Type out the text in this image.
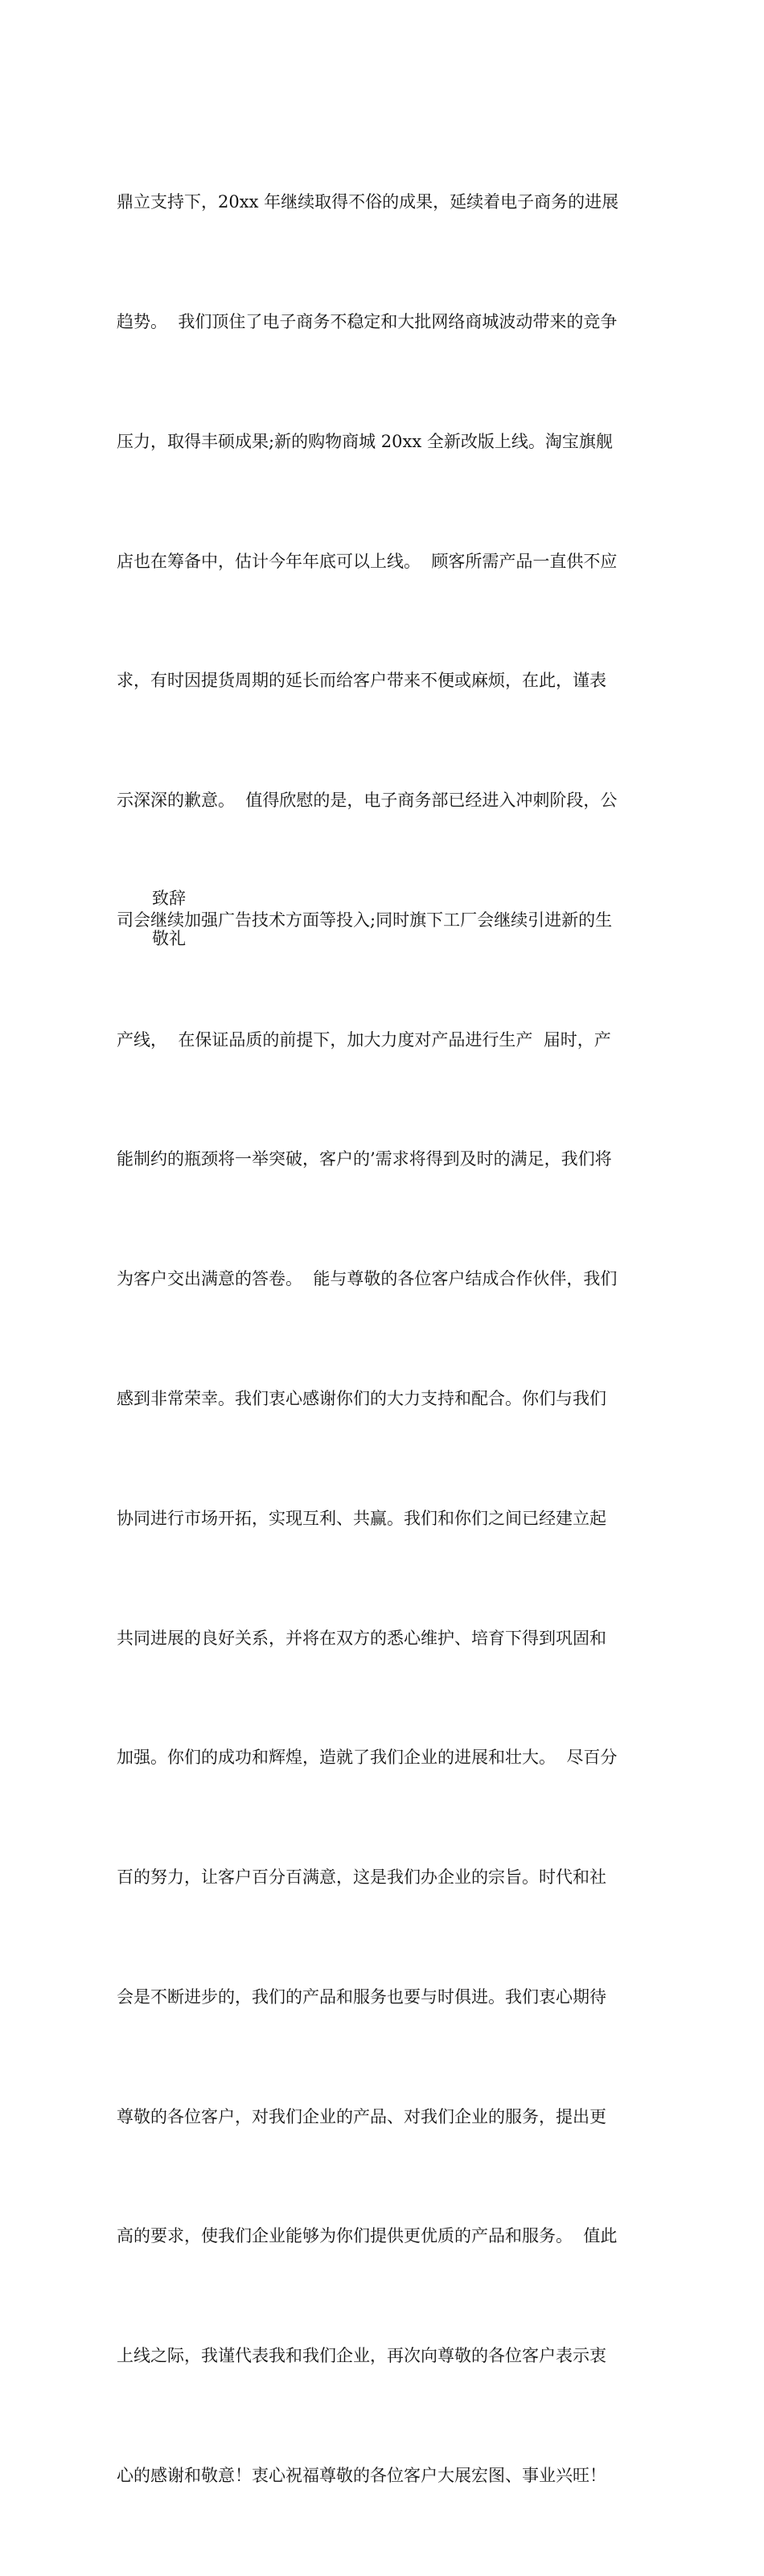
鼎立支持下，20xx 年继续取得不俗的成果，延续着电子商务的进展

趋势。  我们顶住了电子商务不稳定和大批网络商城波动带来的竞争

压力，取得丰硕成果;新的购物商城 20xx 全新改版上线。淘宝旗舰

店也在筹备中，估计今年年底可以上线。  顾客所需产品一直供不应

求，有时因提货周期的延长而给客户带来不便或麻烦，在此，谨表

示深深的歉意。  值得欣慰的是，电子商务部已经进入冲刺阶段，公

司会继续加强广告技术方面等投入;同时旗下工厂会继续引进新的生

产线，  在保证品质的前提下，加大力度对产品进行生产  届时，产

能制约的瓶颈将一举突破，客户的’需求将得到及时的满足，我们将

为客户交出满意的答卷。  能与尊敬的各位客户结成合作伙伴，我们

感到非常荣幸。我们衷心感谢你们的大力支持和配合。你们与我们

协同进行市场开拓，实现互利、共赢。我们和你们之间已经建立起

共同进展的良好关系，并将在双方的悉心维护、培育下得到巩固和

加强。你们的成功和辉煌，造就了我们企业的进展和壮大。  尽百分

百的努力，让客户百分百满意，这是我们办企业的宗旨。时代和社

会是不断进步的，我们的产品和服务也要与时俱进。我们衷心期待

尊敬的各位客户，对我们企业的产品、对我们企业的服务，提出更

高的要求，使我们企业能够为你们提供更优质的产品和服务。  值此

上线之际，我谨代表我和我们企业，再次向尊敬的各位客户表示衷

心的感谢和敬意！衷心祝福尊敬的各位客户大展宏图、事业兴旺！

致辞

敬礼
